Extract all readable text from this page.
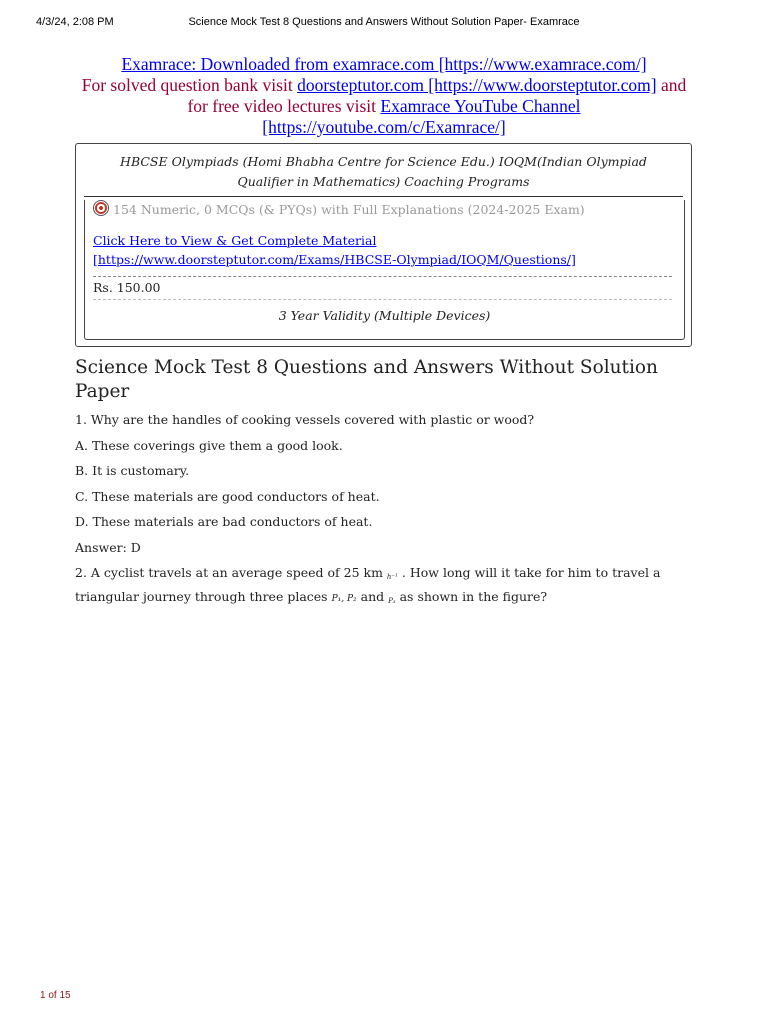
4/3/24, 2:08 PM	Science Mock Test 8 Questions and Answers Without Solution Paper- Examrace
Examrace: Downloaded from examrace.com [https://www.examrace.com/]
For solved question bank visit doorsteptutor.com [https://www.doorsteptutor.com] and
for free video lectures visit Examrace YouTube Channel
[https://youtube.com/c/Examrace/]
HBCSE Olympiads (Homi Bhabha Centre for Science Edu.) IOQM(Indian Olympiad Qualifier in Mathematics) Coaching Programs
154 Numeric, 0 MCQs (& PYQs) with Full Explanations (2024-2025 Exam)
Click Here to View & Get Complete Material [https://www.doorsteptutor.com/Exams/HBCSE-Olympiad/IOQM/Questions/]
Rs. 150.00
3 Year Validity (Multiple Devices)
Science Mock Test 8 Questions and Answers Without Solution Paper

1. Why are the handles of cooking vessels covered with plastic or wood?

A. These coverings give them a good look.

B. It is customary.

C. These materials are good conductors of heat.

D. These materials are bad conductors of heat.

Answer: D

2. A cyclist travels at an average speed of 25 km h⁻¹ . How long will it take for him to travel a triangular journey through three places P₁, P₂ and P₃ as shown in the figure?

1 of 15
